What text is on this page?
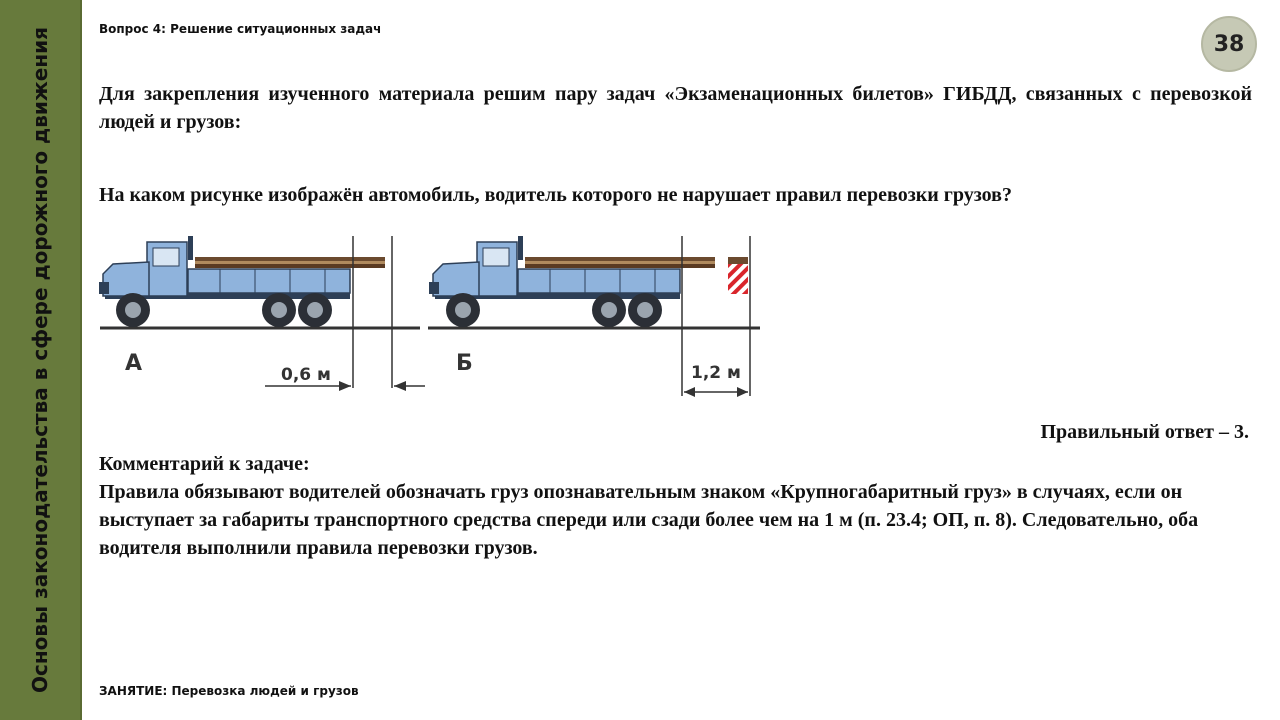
Основы законодательства в сфере дорожного движения	Вопрос 4: Решение ситуационных задач
38
Для закрепления изученного материала решим пару задач «Экзаменационных билетов» ГИБДД, связанных с перевозкой людей и грузов:
На каком рисунке изображён автомобиль, водитель которого не нарушает правил перевозки грузов?
А	0,6 м	Б	1,2 м
Правильный ответ – 3.

Комментарий к задаче:

Правила обязывают водителей обозначать груз опознавательным знаком «Крупногабаритный груз» в случаях, если он выступает за габариты транспортного средства спереди или сзади более чем на 1 м (п. 23.4; ОП, п. 8). Следовательно, оба водителя выполнили правила перевозки грузов.

ЗАНЯТИЕ: Перевозка людей и грузов
